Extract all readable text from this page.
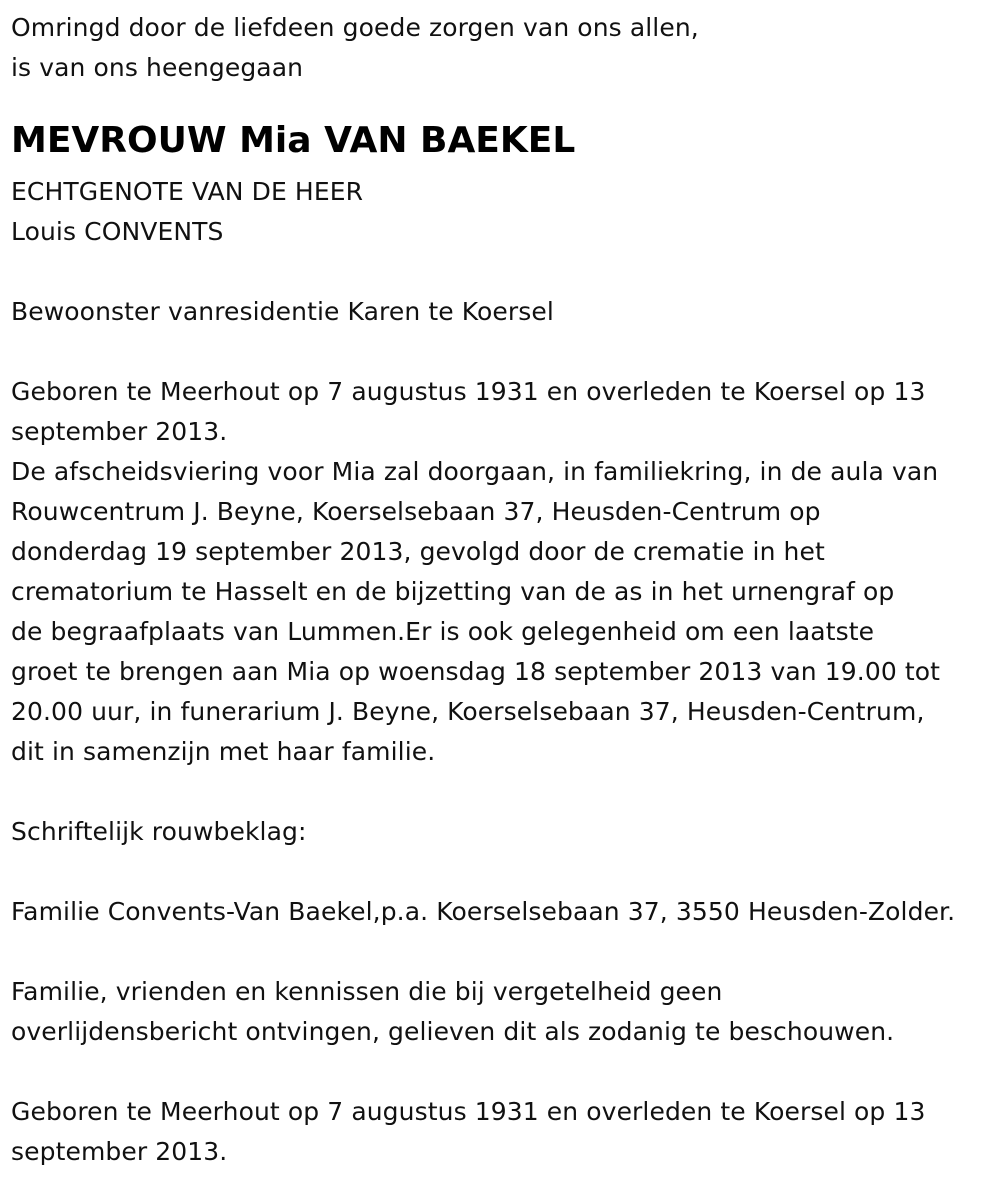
Omringd door de liefdeen goede zorgen van ons allen,
is van ons heengegaan
MEVROUW Mia VAN BAEKEL
ECHTGENOTE VAN DE HEER
Louis CONVENTS
Bewoonster vanresidentie Karen te Koersel
Geboren te Meerhout op 7 augustus 1931 en overleden te Koersel op 13
september 2013.
De afscheidsviering voor Mia zal doorgaan, in familiekring, in de aula van
Rouwcentrum J. Beyne, Koerselsebaan 37, Heusden-Centrum op
donderdag 19 september 2013, gevolgd door de crematie in het
crematorium te Hasselt en de bijzetting van de as in het urnengraf op
de begraafplaats van Lummen.Er is ook gelegenheid om een laatste
groet te brengen aan Mia op woensdag 18 september 2013 van 19.00 tot
20.00 uur, in funerarium J. Beyne, Koerselsebaan 37, Heusden-Centrum,
dit in samenzijn met haar familie.
Schriftelijk rouwbeklag:
Familie Convents-Van Baekel,p.a. Koerselsebaan 37, 3550 Heusden-Zolder.
Familie, vrienden en kennissen die bij vergetelheid geen
overlijdensbericht ontvingen, gelieven dit als zodanig te beschouwen.
Geboren te Meerhout op 7 augustus 1931 en overleden te Koersel op 13
september 2013.
